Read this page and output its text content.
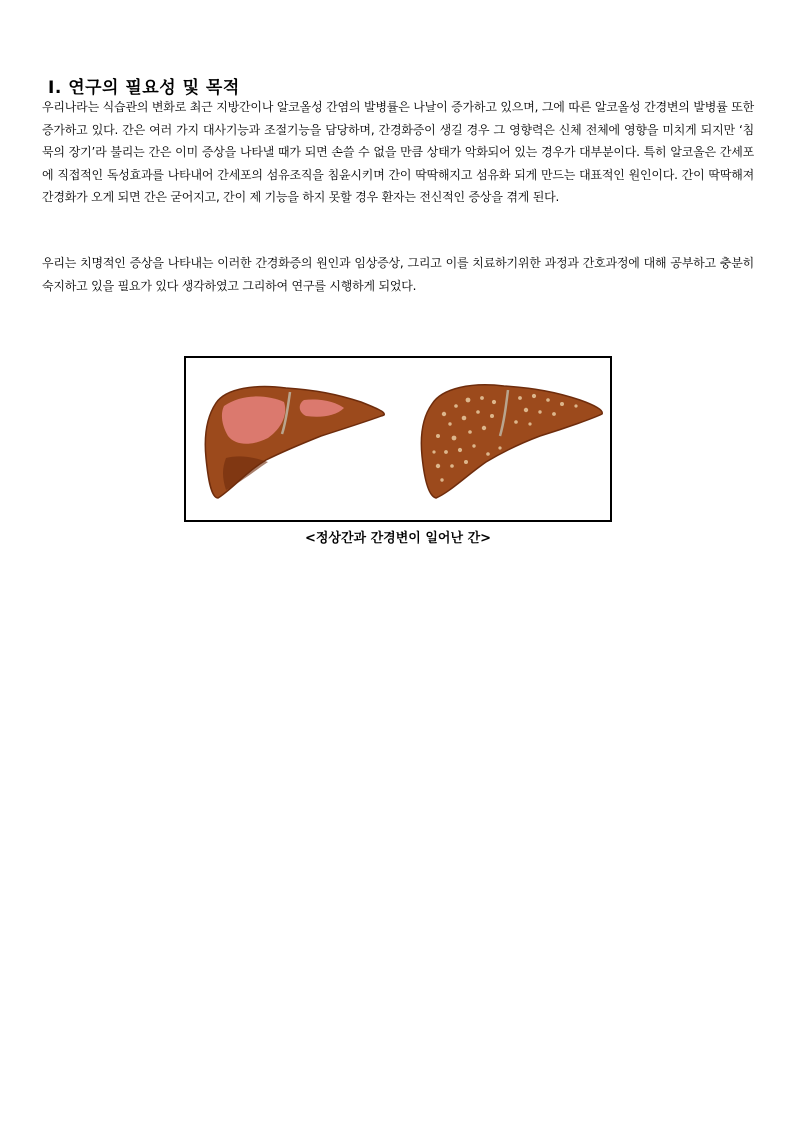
Ⅰ. 연구의 필요성 및 목적
우리나라는 식습관의 변화로 최근 지방간이나 알코올성 간염의 발병률은 나날이 증가하고 있으며, 그에 따른 알코올성 간경변의 발병률 또한 증가하고 있다. 간은 여러 가지 대사기능과 조절기능을 담당하며, 간경화증이 생길 경우 그 영향력은 신체 전체에 영향을 미치게 되지만 ‘침묵의 장기’라 불리는 간은 이미 증상을 나타낼 때가 되면 손쓸 수 없을 만큼 상태가 악화되어 있는 경우가 대부분이다. 특히 알코올은 간세포에 직접적인 독성효과를 나타내어 간세포의 섬유조직을 침윤시키며 간이 딱딱해지고 섬유화 되게 만드는 대표적인 원인이다. 간이 딱딱해져 간경화가 오게 되면 간은 굳어지고, 간이 제 기능을 하지 못할 경우 환자는 전신적인 증상을 겪게 된다.
우리는 치명적인 증상을 나타내는 이러한 간경화증의 원인과 임상증상, 그리고 이를 치료하기위한 과정과 간호과정에 대해 공부하고 충분히 숙지하고 있을 필요가 있다 생각하였고 그리하여 연구를 시행하게 되었다.
<정상간과 간경변이 일어난 간>
